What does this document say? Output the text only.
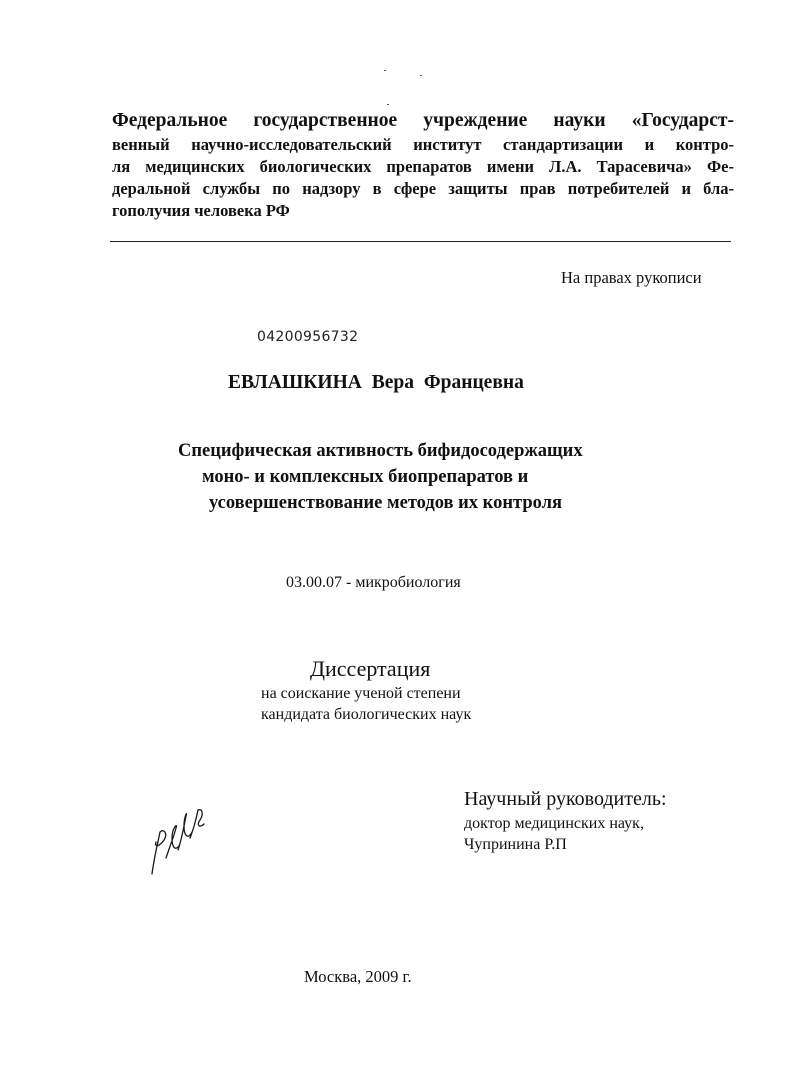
Федеральное государственное учреждение науки «Государст-
венный научно-исследовательский институт стандартизации и контро-
ля медицинских биологических препаратов имени Л.А. Тарасевича» Фе-
деральной службы по надзору в сфере защиты прав потребителей и бла-
гополучия человека РФ
На правах рукописи
04200956732
ЕВЛАШКИНА Вера Францевна
Специфическая активность бифидосодержащих
моно- и комплексных биопрепаратов и
усовершенствование методов их контроля
03.00.07 - микробиология
Диссертация
на соискание ученой степени
кандидата биологических наук
Научный руководитель:
доктор медицинских наук,
Чупринина Р.П
Москва, 2009 г.
